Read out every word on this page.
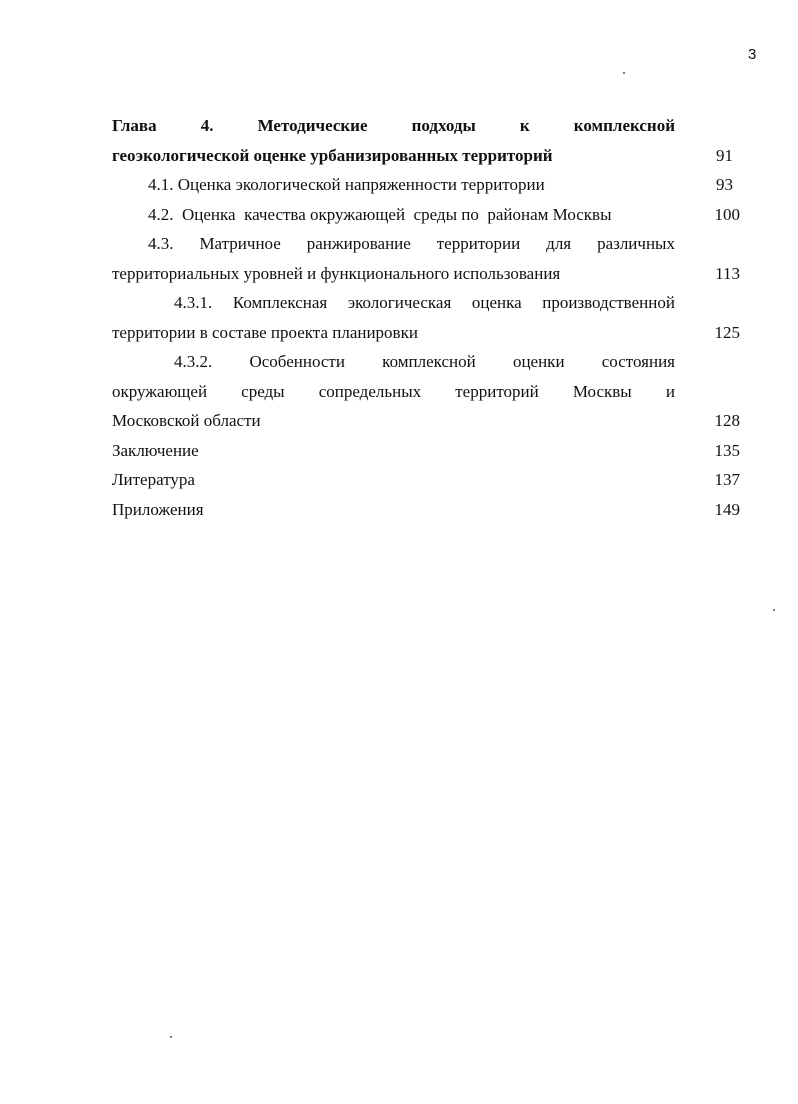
3
Глава	4.	Методические	подходы	к	комплексной
геоэкологической оценке урбанизированных территорий	91
4.1. Оценка экологической напряженности территории	93
4.2.  Оценка  качества окружающей  среды по  районам Москвы	100
4.3. Матричное ранжирование территории для различных
территориальных уровней и функционального использования	113
4.3.1. Комплексная экологическая оценка производственной
территории в составе проекта планировки	125
4.3.2. Особенности комплексной оценки состояния
окружающей среды сопредельных территорий Москвы и
Московской области	128
Заключение	135
Литература	137
Приложения	149
